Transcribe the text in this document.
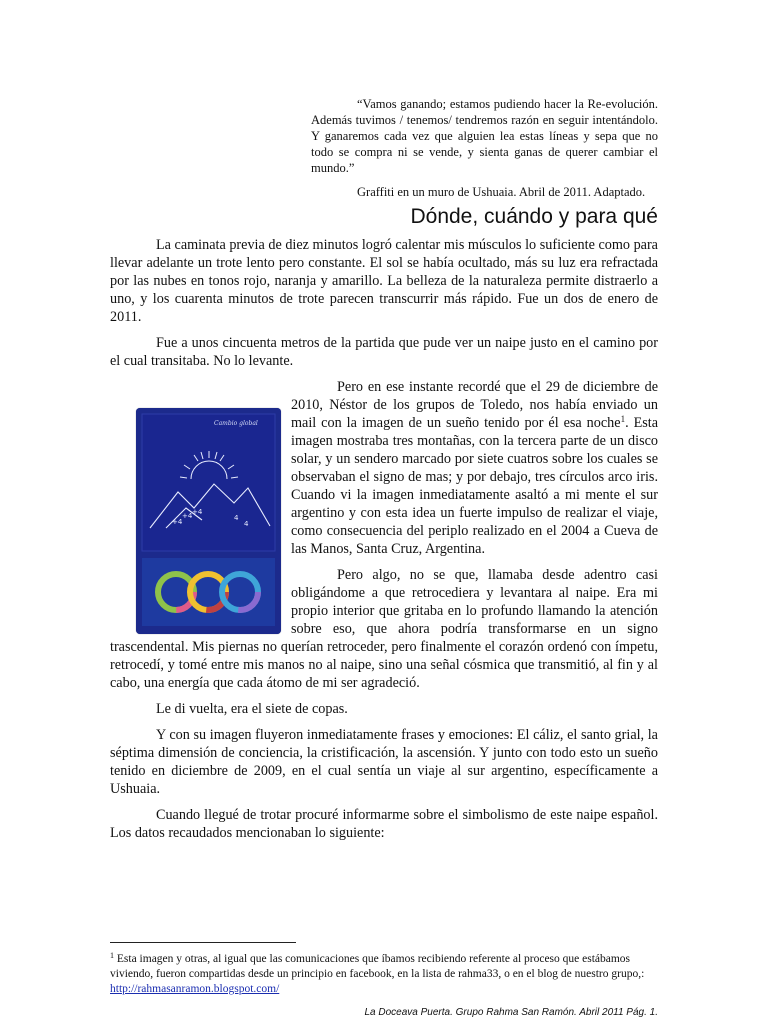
“Vamos ganando; estamos pudiendo hacer la Re-evolución. Además tuvimos / tenemos/ tendremos razón en seguir intentándolo. Y ganaremos cada vez que alguien lea estas líneas y sepa que no todo se compra ni se vende, y sienta ganas de querer cambiar el mundo.”

Graffiti en un muro de Ushuaia. Abril de 2011. Adaptado.

Dónde, cuándo y para qué

La caminata previa de diez minutos logró calentar mis músculos lo suficiente como para llevar adelante un trote lento pero constante. El sol se había ocultado, más su luz era refractada por las nubes en tonos rojo, naranja y amarillo. La belleza de la naturaleza permite distraerlo a uno, y los cuarenta minutos de trote parecen transcurrir más rápido. Fue un dos de enero de 2011.

Fue a unos cincuenta metros de la partida que pude ver un naipe justo en el camino por el cual transitaba. No lo levante.

Cambio global
+4
+4 +4
4
4

Pero en ese instante recordé que el 29 de diciembre de 2010, Néstor de los grupos de Toledo, nos había enviado un mail con la imagen de un sueño tenido por él esa noche$^1$. Esta imagen mostraba tres montañas, con la tercera parte de un disco solar, y un sendero marcado por siete cuatros sobre los cuales se observaban el signo de mas; y por debajo, tres círculos arco iris. Cuando vi la imagen inmediatamente asaltó a mi mente el sur argentino y con esta idea un fuerte impulso de realizar el viaje, como consecuencia del periplo realizado en el 2004 a Cueva de las Manos, Santa Cruz, Argentina.

Pero algo, no se que, llamaba desde adentro casi obligándome a que retrocediera y levantara al naipe. Era mi propio interior que gritaba en lo profundo llamando la atención sobre eso, que ahora podría transformarse en un signo trascendental. Mis piernas no querían retroceder, pero finalmente el corazón ordenó con ímpetu, retrocedí, y tomé entre mis manos no al naipe, sino una señal cósmica que transmitió, al fin y al cabo, una energía que cada átomo de mi ser agradeció.

Le di vuelta, era el siete de copas.

Y con su imagen fluyeron inmediatamente frases y emociones: El cáliz, el santo grial, la séptima dimensión de conciencia, la cristificación, la ascensión. Y junto con todo esto un sueño tenido en diciembre de 2009, en el cual sentía un viaje al sur argentino, específicamente a Ushuaia.

Cuando llegué de trotar procuré informarme sobre el simbolismo de este naipe español. Los datos recaudados mencionaban lo siguiente:

$^1$ Esta imagen y otras, al igual que las comunicaciones que íbamos recibiendo referente al proceso que estábamos viviendo, fueron compartidas desde un principio en facebook, en la lista de rahma33, o en el blog de nuestro grupo,: http://rahmasanramon.blogspot.com/

La Doceava Puerta. Grupo Rahma San Ramón. Abril 2011 Pág. 1.
